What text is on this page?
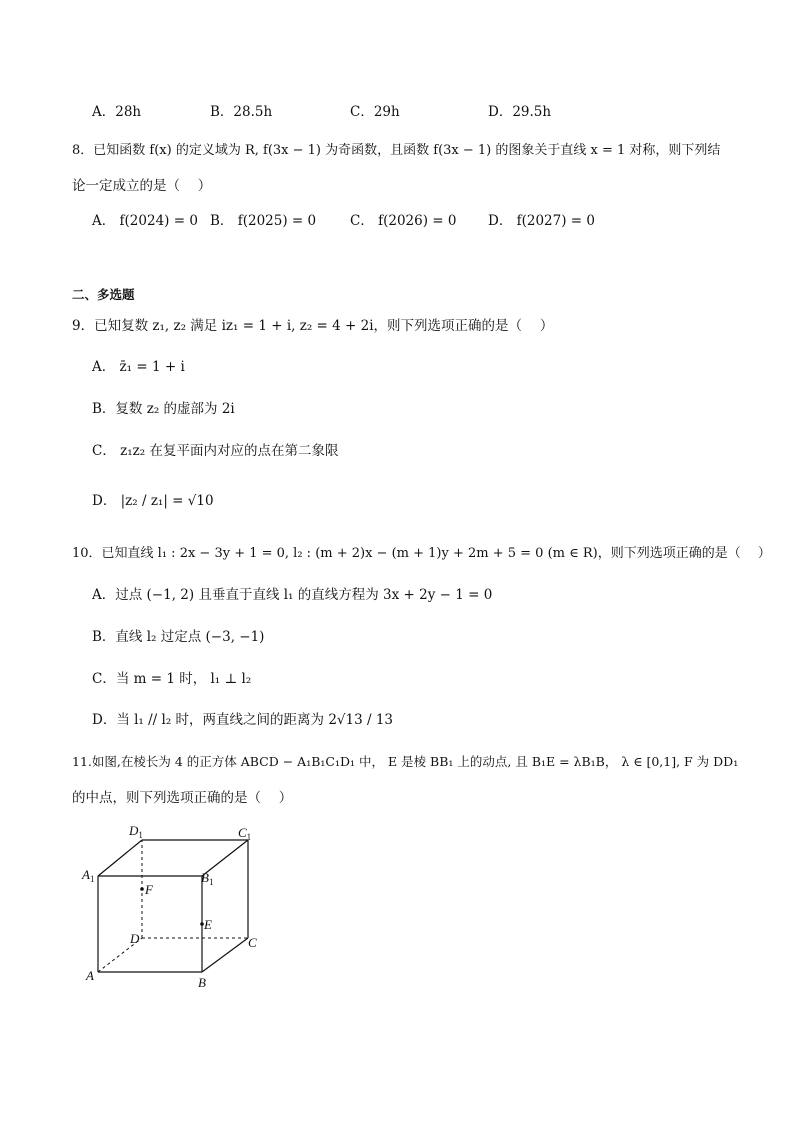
A．28h	B．28.5h	C．29h	D．29.5h
8．已知函数 f(x) 的定义域为 R, f(3x − 1) 为奇函数，且函数 f(3x − 1) 的图象关于直线 x = 1 对称，则下列结
论一定成立的是（　 ）
A． f(2024) = 0 B． f(2025) = 0	C． f(2026) = 0 D． f(2027) = 0
二、多选题
9．已知复数 z₁, z₂ 满足 iz₁ = 1 + i, z₂ = 4 + 2i，则下列选项正确的是（　 ）
A． z̄₁ = 1 + i
B．复数 z₂ 的虚部为 2i
C． z₁z₂ 在复平面内对应的点在第二象限
D． |z₂ / z₁| = √10
10．已知直线 l₁ : 2x − 3y + 1 = 0, l₂ : (m + 2)x − (m + 1)y + 2m + 5 = 0 (m ∈ R)，则下列选项正确的是（　 ）
A．过点 (−1, 2) 且垂直于直线 l₁ 的直线方程为 3x + 2y − 1 = 0
B．直线 l₂ 过定点 (−3, −1)
C．当 m = 1 时， l₁ ⊥ l₂
D．当 l₁ // l₂ 时，两直线之间的距离为 2√13 / 13
11.如图,在棱长为 4 的正方体 ABCD − A₁B₁C₁D₁ 中， E 是棱 BB₁ 上的动点, 且 B₁E = λB₁B， λ ∈ [0,1], F 为 DD₁
的中点，则下列选项正确的是（　 ）
$D_1$	$C_1$
$A_1$	$B_1$
F
E
D	C
A	B
